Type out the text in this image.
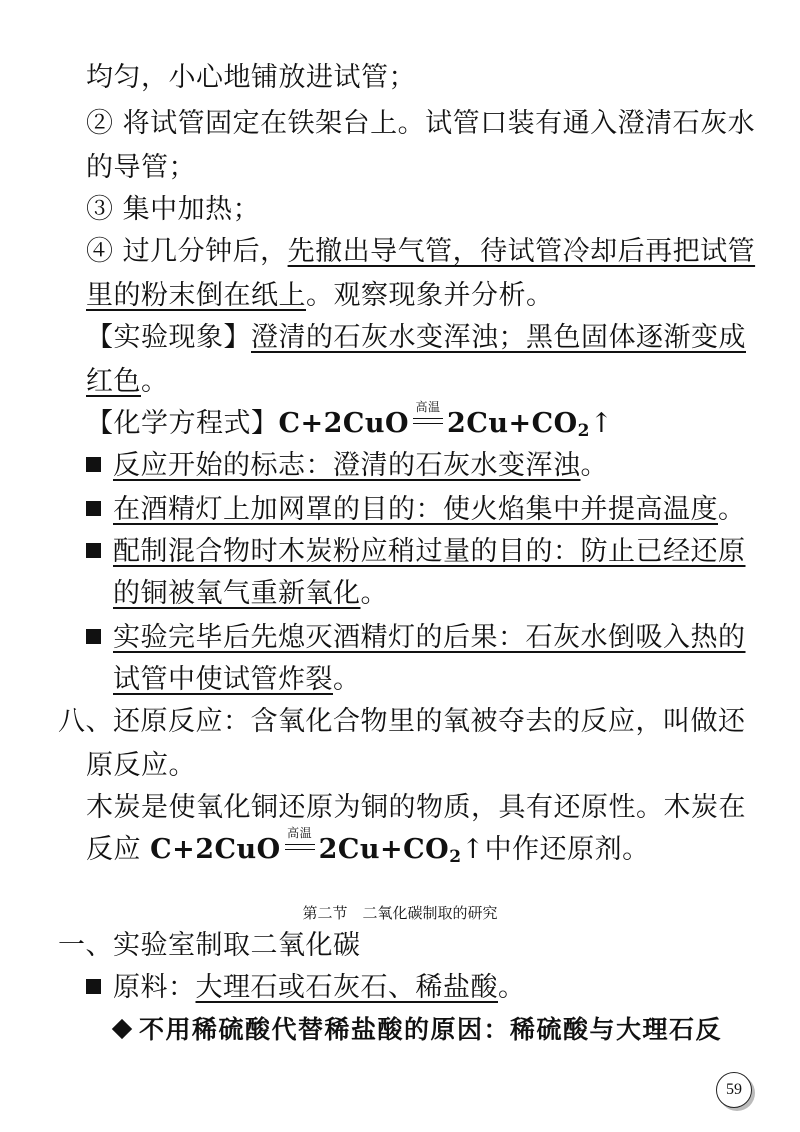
均匀，小心地铺放进试管；
② 将试管固定在铁架台上。试管口装有通入澄清石灰水
的导管；
③ 集中加热；
④ 过几分钟后，先撤出导气管，待试管冷却后再把试管
里的粉末倒在纸上。观察现象并分析。
【实验现象】澄清的石灰水变浑浊；黑色固体逐渐变成
红色。
【化学方程式】C+2CuO
高温
$2Cu+CO_2↑$
反应开始的标志：澄清的石灰水变浑浊。
在酒精灯上加网罩的目的：使火焰集中并提高温度。
配制混合物时木炭粉应稍过量的目的：防止已经还原
的铜被氧气重新氧化。
实验完毕后先熄灭酒精灯的后果：石灰水倒吸入热的
试管中使试管炸裂。
八、还原反应：含氧化合物里的氧被夺去的反应，叫做还
原反应。
木炭是使氧化铜还原为铜的物质，具有还原性。木炭在
反应 C+2CuO
高温
$2Cu+CO_2↑$中作还原剂。
第二节　二氧化碳制取的研究
一、实验室制取二氧化碳
原料：大理石或石灰石、稀盐酸。
不用稀硫酸代替稀盐酸的原因：稀硫酸与大理石反
59
